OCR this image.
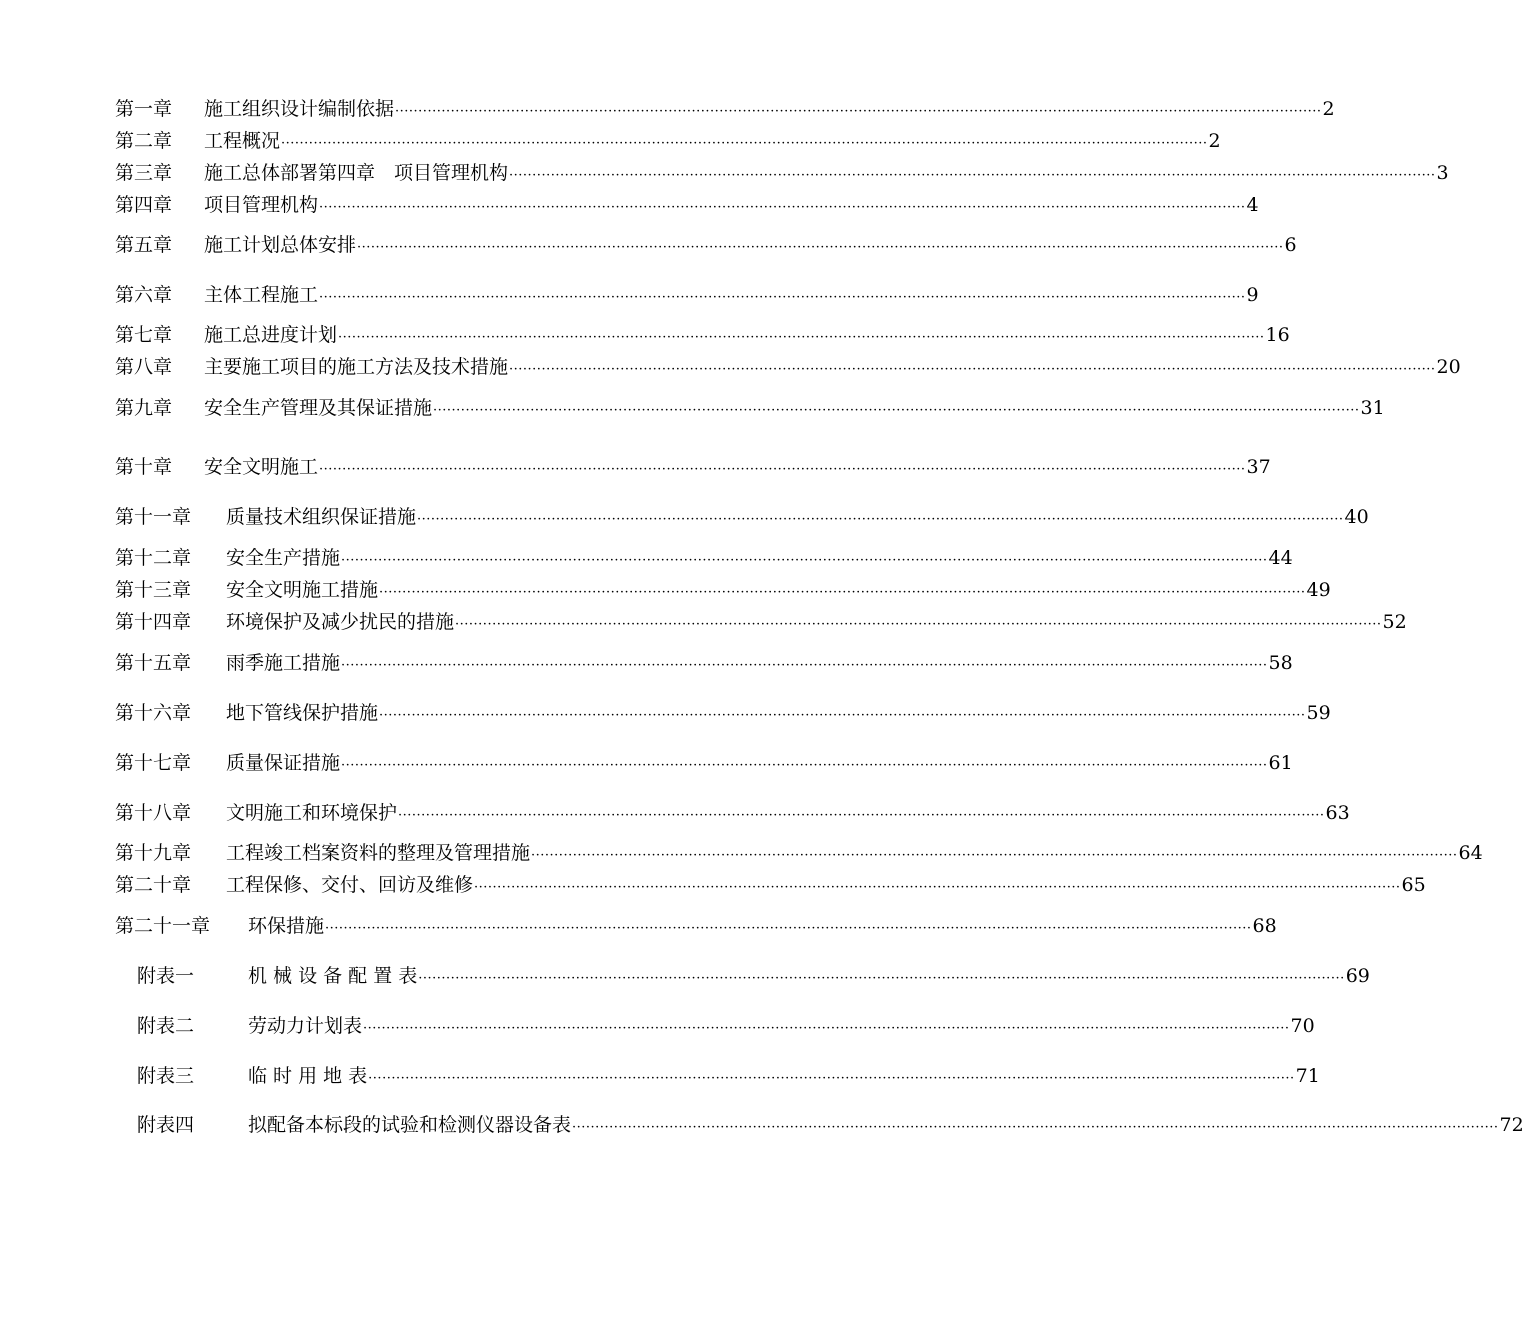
第一章	施工组织设计编制依据 ········································································································································································································ 2
第二章	工程概况 ········································································································································································································ 2
第三章	施工总体部署第四章　项目管理机构 ········································································································································································································ 3
第四章	项目管理机构 ········································································································································································································ 4
第五章	施工计划总体安排 ········································································································································································································ 6
第六章	主体工程施工 ········································································································································································································ 9
第七章	施工总进度计划 ········································································································································································································ 16
第八章	主要施工项目的施工方法及技术措施 ········································································································································································································ 20
第九章	安全生产管理及其保证措施 ········································································································································································································ 31
第十章	安全文明施工 ········································································································································································································ 37
第十一章	质量技术组织保证措施 ········································································································································································································ 40
第十二章	安全生产措施 ········································································································································································································ 44
第十三章	安全文明施工措施 ········································································································································································································ 49
第十四章	环境保护及减少扰民的措施 ········································································································································································································ 52
第十五章	雨季施工措施 ········································································································································································································ 58
第十六章	地下管线保护措施 ········································································································································································································ 59
第十七章	质量保证措施 ········································································································································································································ 61
第十八章	文明施工和环境保护 ········································································································································································································ 63
第十九章	工程竣工档案资料的整理及管理措施 ········································································································································································································ 64
第二十章	工程保修、交付、回访及维修 ········································································································································································································ 65
第二十一章	环保措施 ········································································································································································································ 68
附表一	机 械 设 备 配 置 表 ········································································································································································································ 69
附表二	劳动力计划表 ········································································································································································································ 70
附表三	临 时 用 地 表 ········································································································································································································ 71
附表四	拟配备本标段的试验和检测仪器设备表 ········································································································································································································ 72
